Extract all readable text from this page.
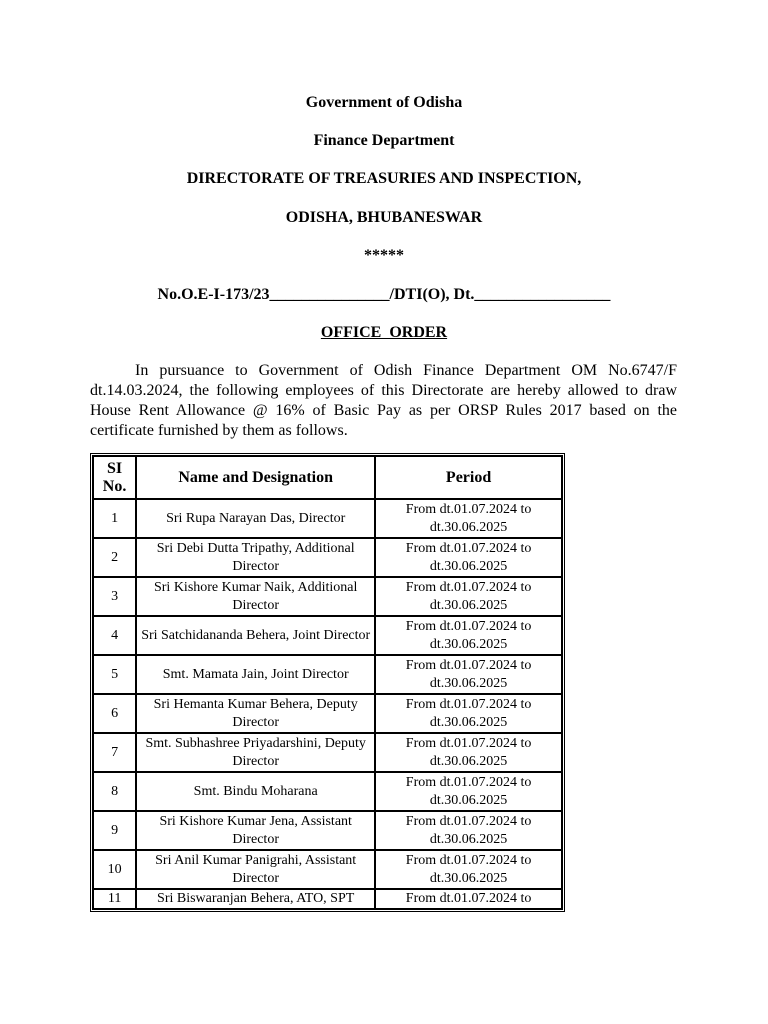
Government of Odisha
Finance Department
DIRECTORATE OF TREASURIES AND INSPECTION,
ODISHA, BHUBANESWAR
*****
No.O.E-I-173/23_______________/DTI(O), Dt._________________
OFFICE  ORDER

In pursuance to Government of Odish Finance Department OM No.6747/F dt.14.03.2024, the following employees of this Directorate are hereby allowed to draw House Rent Allowance @ 16% of Basic Pay as per ORSP Rules 2017 based on the certificate furnished by them as follows.

SI No.	Name and Designation	Period
1	Sri Rupa Narayan Das, Director	From dt.01.07.2024 to dt.30.06.2025
2	Sri Debi Dutta Tripathy, Additional Director	From dt.01.07.2024 to dt.30.06.2025
3	Sri Kishore Kumar Naik, Additional Director	From dt.01.07.2024 to dt.30.06.2025
4	Sri Satchidananda Behera, Joint Director	From dt.01.07.2024 to dt.30.06.2025
5	Smt. Mamata Jain, Joint Director	From dt.01.07.2024 to dt.30.06.2025
6	Sri Hemanta Kumar Behera, Deputy Director	From dt.01.07.2024 to dt.30.06.2025
7	Smt. Subhashree Priyadarshini, Deputy Director	From dt.01.07.2024 to dt.30.06.2025
8	Smt. Bindu Moharana	From dt.01.07.2024 to dt.30.06.2025
9	Sri Kishore Kumar Jena, Assistant Director	From dt.01.07.2024 to dt.30.06.2025
10	Sri Anil Kumar Panigrahi, Assistant Director	From dt.01.07.2024 to dt.30.06.2025
11	Sri Biswaranjan Behera, ATO, SPT	From dt.01.07.2024 to
